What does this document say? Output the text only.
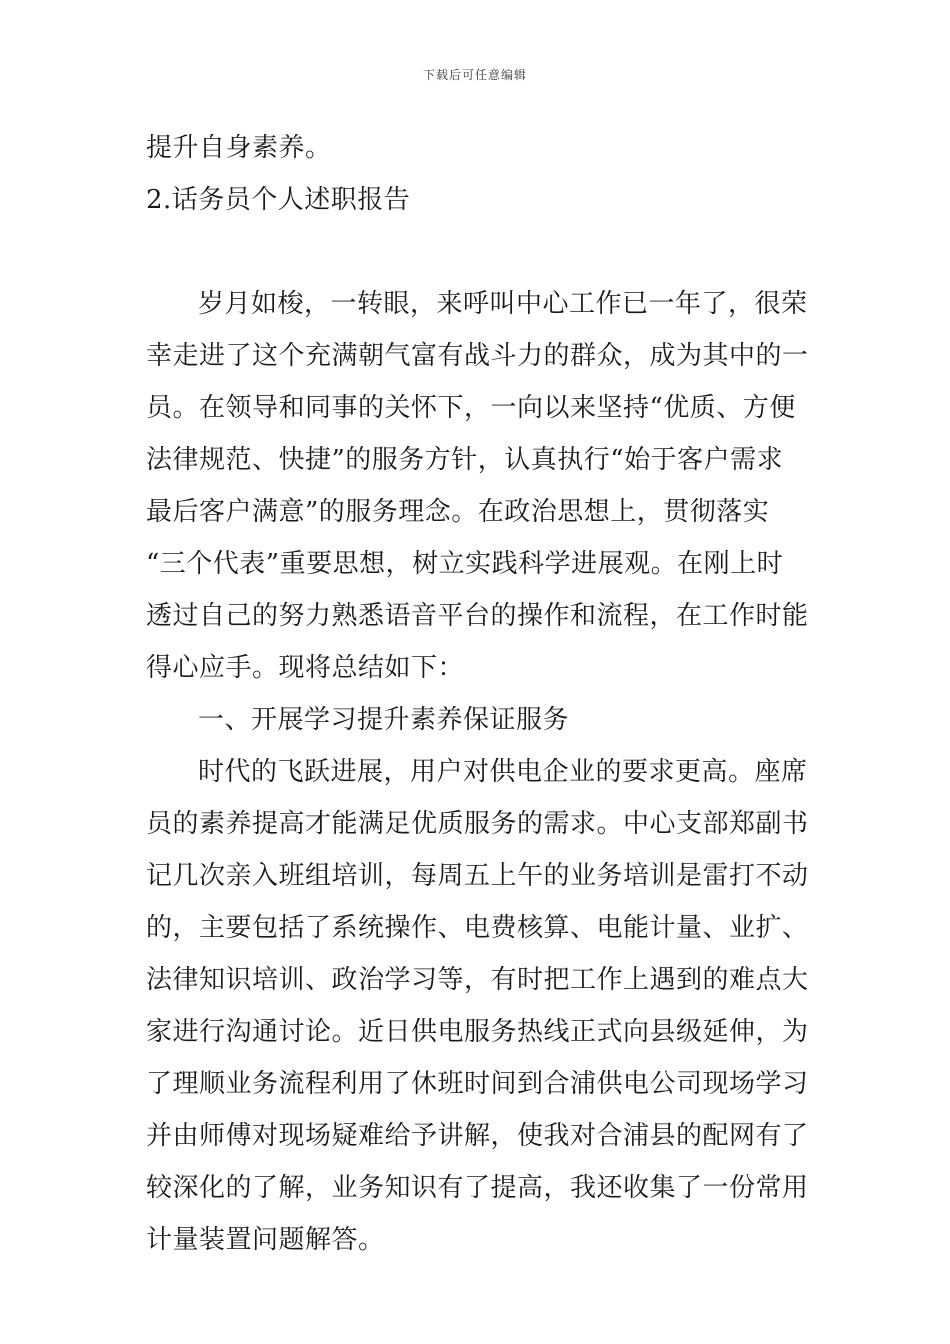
下载后可任意编辑
提升自身素养。
2.话务员个人述职报告
岁月如梭，一转眼，来呼叫中心工作已一年了，很荣
幸走进了这个充满朝气富有战斗力的群众，成为其中的一
员。在领导和同事的关怀下，一向以来坚持“优质、方便
法律规范、快捷”的服务方针，认真执行“始于客户需求
最后客户满意”的服务理念。在政治思想上，贯彻落实
“三个代表”重要思想，树立实践科学进展观。在刚上时
透过自己的努力熟悉语音平台的操作和流程，在工作时能
得心应手。现将总结如下：
一、开展学习提升素养保证服务
时代的飞跃进展，用户对供电企业的要求更高。座席
员的素养提高才能满足优质服务的需求。中心支部郑副书
记几次亲入班组培训，每周五上午的业务培训是雷打不动
的，主要包括了系统操作、电费核算、电能计量、业扩、
法律知识培训、政治学习等，有时把工作上遇到的难点大
家进行沟通讨论。近日供电服务热线正式向县级延伸，为
了理顺业务流程利用了休班时间到合浦供电公司现场学习
并由师傅对现场疑难给予讲解，使我对合浦县的配网有了
较深化的了解，业务知识有了提高，我还收集了一份常用
计量装置问题解答。
